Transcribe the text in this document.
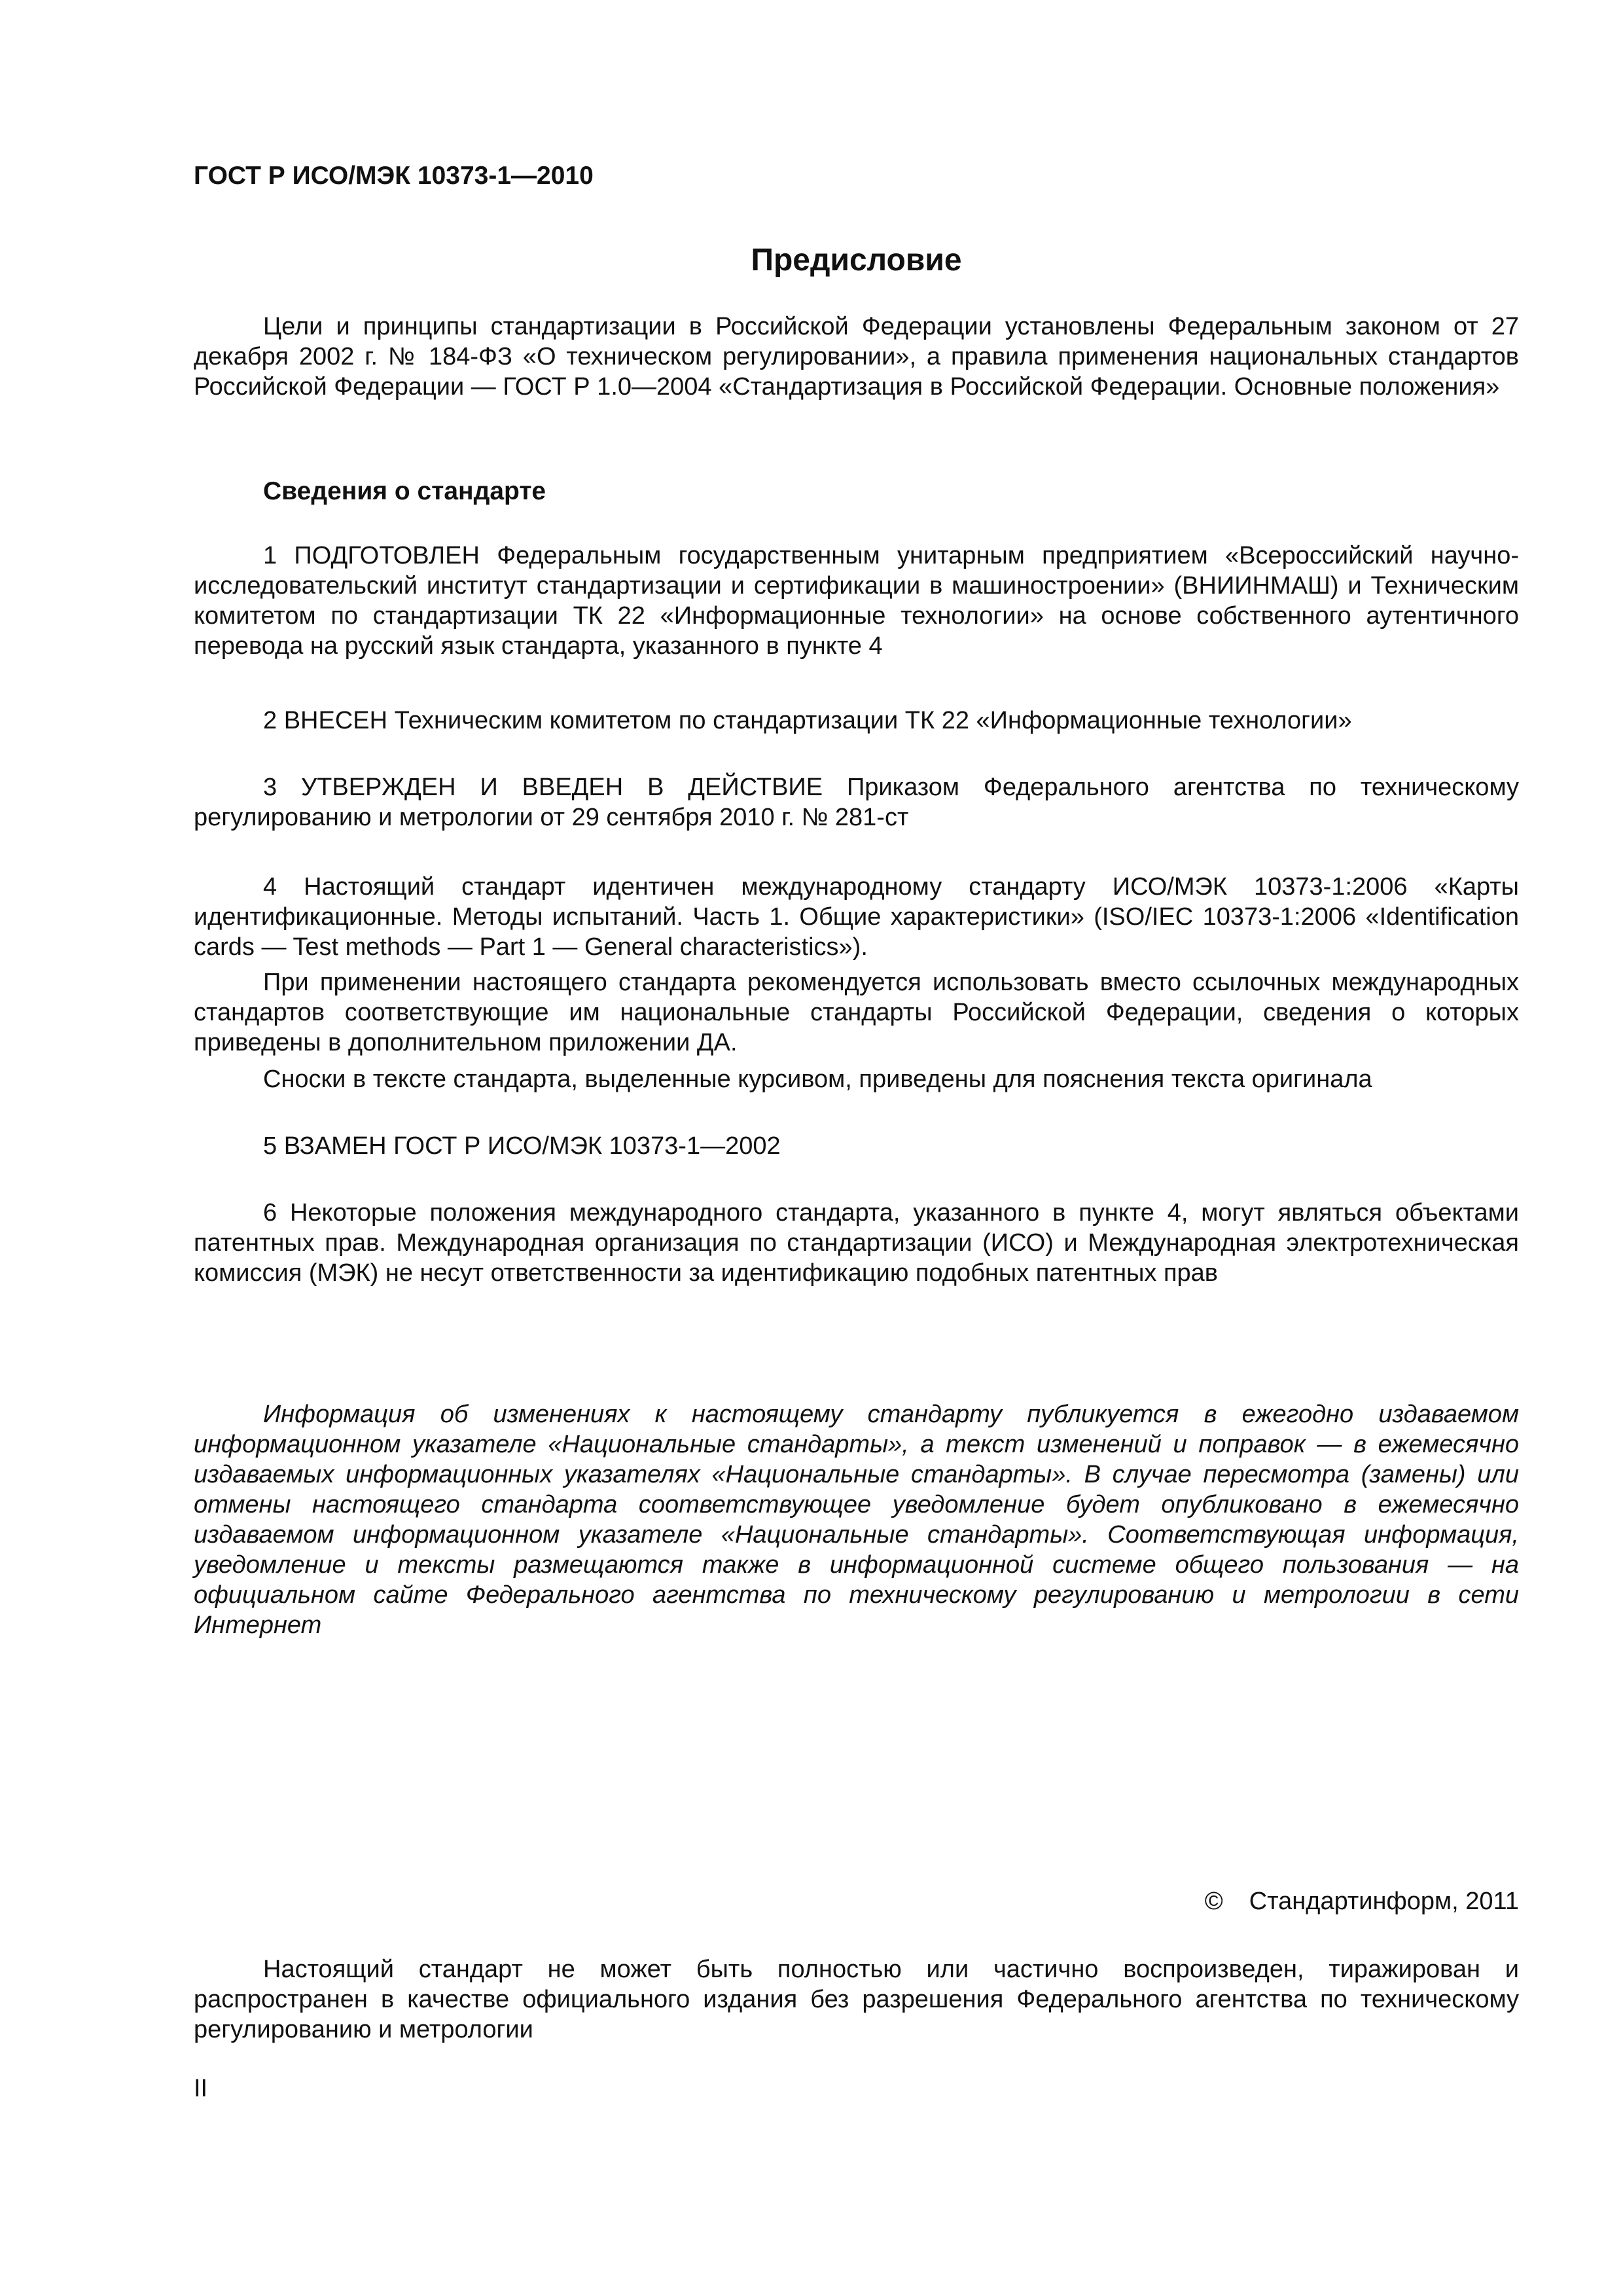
ГОСТ Р ИСО/МЭК 10373-1—2010
Предисловие

Цели и принципы стандартизации в Российской Федерации установлены Федеральным законом от 27 декабря 2002 г. № 184-ФЗ «О техническом регулировании», а правила применения национальных стандартов Российской Федерации — ГОСТ Р 1.0—2004 «Стандартизация в Российской Федерации. Основные положения»

Сведения о стандарте

1 ПОДГОТОВЛЕН Федеральным государственным унитарным предприятием «Всероссийский научно-исследовательский институт стандартизации и сертификации в машиностроении» (ВНИИНМАШ) и Техническим комитетом по стандартизации ТК 22 «Информационные технологии» на основе собственного аутентичного перевода на русский язык стандарта, указанного в пункте 4

2 ВНЕСЕН Техническим комитетом по стандартизации ТК 22 «Информационные технологии»

3 УТВЕРЖДЕН И ВВЕДЕН В ДЕЙСТВИЕ Приказом Федерального агентства по техническому регулированию и метрологии от 29 сентября 2010 г. № 281-ст

4 Настоящий стандарт идентичен международному стандарту ИСО/МЭК 10373-1:2006 «Карты идентификационные. Методы испытаний. Часть 1. Общие характеристики» (ISO/IEC 10373-1:2006 «Identification cards — Test methods — Part 1 — General characteristics»).

При применении настоящего стандарта рекомендуется использовать вместо ссылочных международных стандартов соответствующие им национальные стандарты Российской Федерации, сведения о которых приведены в дополнительном приложении ДА.

Сноски в тексте стандарта, выделенные курсивом, приведены для пояснения текста оригинала

5 ВЗАМЕН ГОСТ Р ИСО/МЭК 10373-1—2002

6 Некоторые положения международного стандарта, указанного в пункте 4, могут являться объектами патентных прав. Международная организация по стандартизации (ИСО) и Международная электротехническая комиссия (МЭК) не несут ответственности за идентификацию подобных патентных прав

Информация об изменениях к настоящему стандарту публикуется в ежегодно издаваемом информационном указателе «Национальные стандарты», а текст изменений и поправок — в ежемесячно издаваемых информационных указателях «Национальные стандарты». В случае пересмотра (замены) или отмены настоящего стандарта соответствующее уведомление будет опубликовано в ежемесячно издаваемом информационном указателе «Национальные стандарты». Соответствующая информация, уведомление и тексты размещаются также в информационной системе общего пользования — на официальном сайте Федерального агентства по техническому регулированию и метрологии в сети Интернет

© Стандартинформ, 2011

Настоящий стандарт не может быть полностью или частично воспроизведен, тиражирован и распространен в качестве официального издания без разрешения Федерального агентства по техническому регулированию и метрологии

II
